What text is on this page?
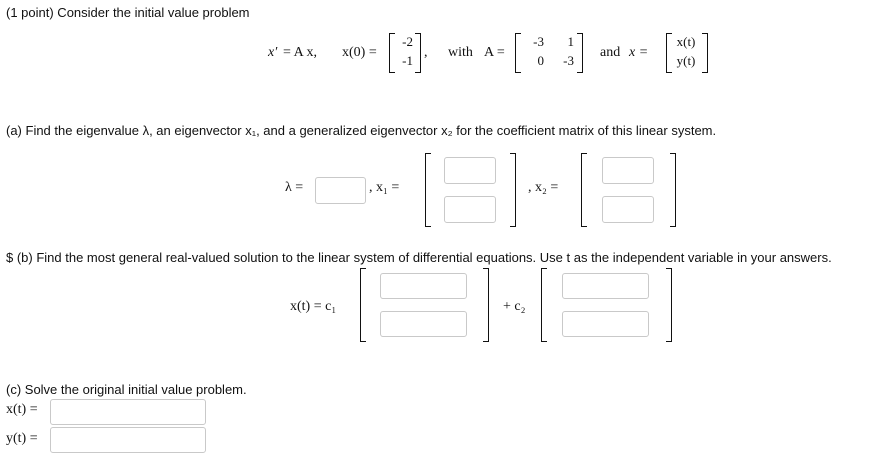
(1 point) Consider the initial value problem
x′ = A x, x(0) =
-2
-1
, with A =
-3	1
0	-3
and x =
x(t)
y(t)
(a) Find the eigenvalue λ, an eigenvector x₁, and a generalized eigenvector x₂ for the coefficient matrix of this linear system.
λ =	, x₁ =	, x₂ =
$ (b) Find the most general real-valued solution to the linear system of differential equations. Use t as the independent variable in your answers.
x(t) = c₁	+ c₂
(c) Solve the original initial value problem.
x(t) =
y(t) =
